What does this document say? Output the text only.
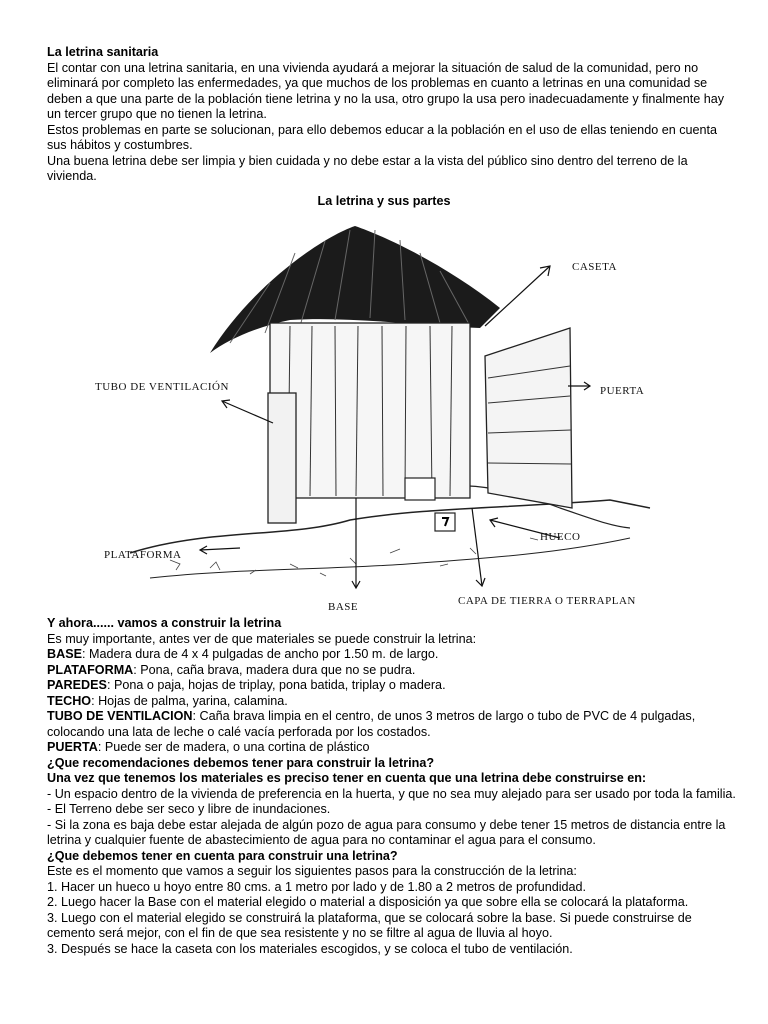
La letrina sanitaria

El contar con una letrina sanitaria, en una vivienda ayudará a mejorar la situación de salud de la comunidad, pero no eliminará por completo las enfermedades, ya que muchos de los problemas en cuanto a letrinas en una comunidad se deben a que una parte de la población tiene letrina y no la usa, otro grupo la usa pero inadecuadamente y finalmente hay un tercer grupo que no tienen la letrina.

Estos problemas en parte se solucionan, para ello debemos educar a la población en el uso de ellas teniendo en cuenta sus hábitos y costumbres.

Una buena letrina debe ser limpia y bien cuidada y no debe estar a la vista del público sino dentro del terreno de la vivienda.

La letrina y sus partes
CASETA
TUBO DE VENTILACIÓN	PUERTA
HUECO
PLATAFORMA
BASE	CAPA DE TIERRA O TERRAPLAN

Y ahora...... vamos a construir la letrina

Es muy importante, antes ver de que materiales se puede construir la letrina:

BASE: Madera dura de 4 x 4 pulgadas de ancho por 1.50 m. de largo.

PLATAFORMA: Pona, caña brava, madera dura que no se pudra.

PAREDES: Pona o paja, hojas de triplay, pona batida, triplay o madera.

TECHO: Hojas de palma, yarina, calamina.

TUBO DE VENTILACION: Caña brava limpia en el centro, de unos 3 metros de largo o tubo de PVC de 4 pulgadas, colocando una lata de leche o calé vacía perforada por los costados.

PUERTA: Puede ser de madera, o una cortina de plástico

¿Que recomendaciones debemos tener para construir la letrina?

Una vez que tenemos los materiales es preciso tener en cuenta que una letrina debe construirse en:

- Un espacio dentro de la vivienda de preferencia en la huerta, y que no sea muy alejado para ser usado por toda la familia.

- El Terreno debe ser seco y libre de inundaciones.

- Si la zona es baja debe estar alejada de algún pozo de agua para consumo y debe tener 15 metros de distancia entre la letrina y cualquier fuente de abastecimiento de agua para no contaminar el agua para el consumo.

¿Que debemos tener en cuenta para construir una letrina?

Este es el momento que vamos a seguir los siguientes pasos para la construcción de la letrina:

1. Hacer un hueco u hoyo entre 80 cms. a 1 metro por lado y de 1.80 a 2 metros de profundidad.

2. Luego hacer la Base con el material elegido o material a disposición ya que sobre ella se colocará la plataforma.

3. Luego con el material elegido se construirá la plataforma, que se colocará sobre la base. Si puede construirse de cemento será mejor, con el fin de que sea resistente y no se filtre al agua de lluvia al hoyo.

3. Después se hace la caseta con los materiales escogidos, y se coloca el tubo de ventilación.
